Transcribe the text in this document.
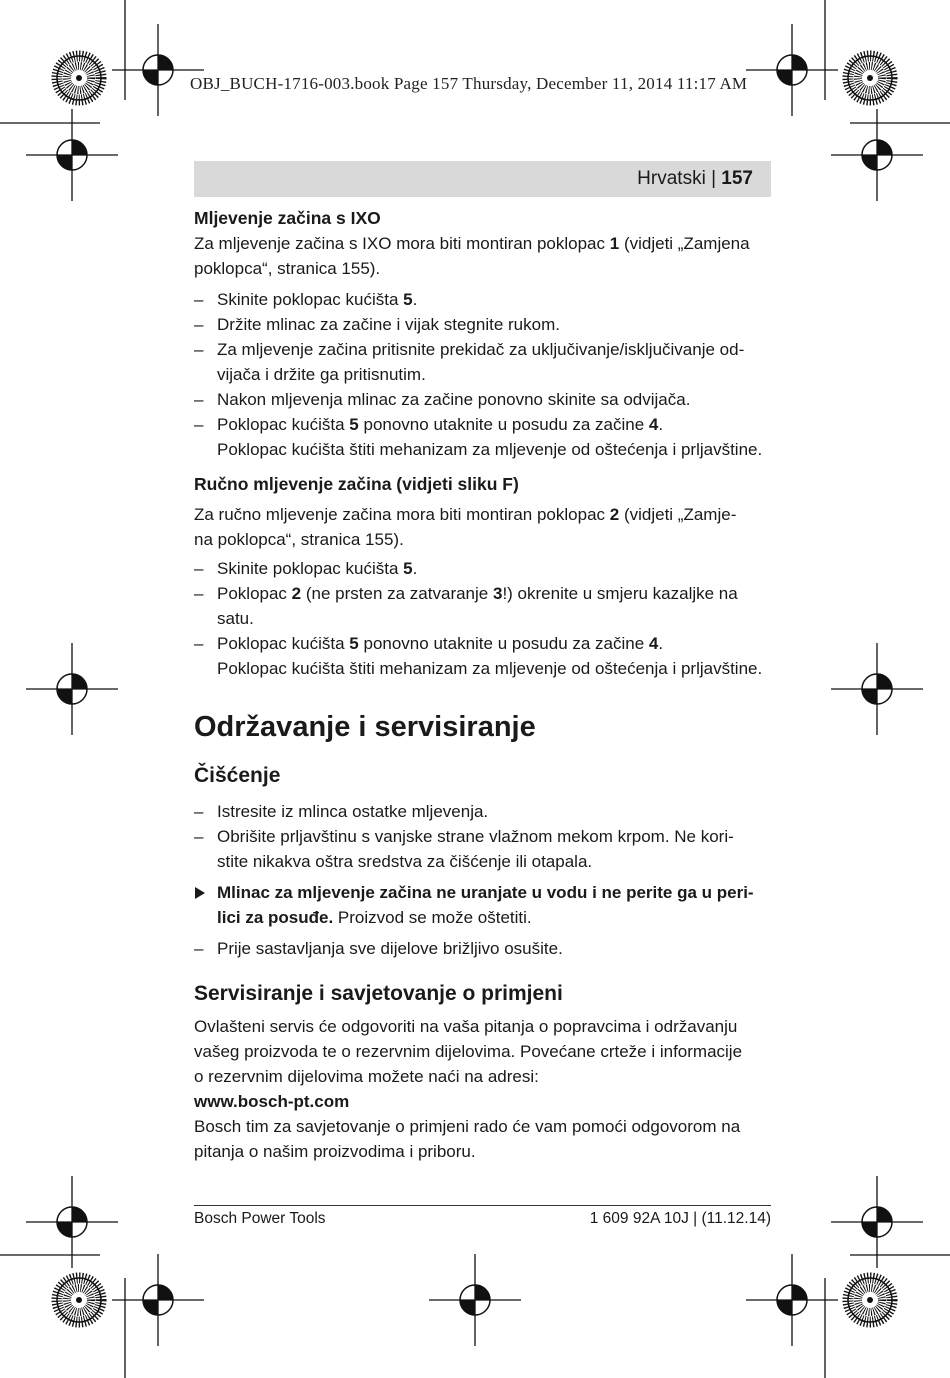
OBJ_BUCH-1716-003.book Page 157 Thursday, December 11, 2014 11:17 AM
Hrvatski | 157

Mljevenje začina s IXO

Za mljevenje začina s IXO mora biti montiran poklopac 1 (vidjeti „Zamjena

poklopca“, stranica 155).

– Skinite poklopac kućišta 5.

– Držite mlinac za začine i vijak stegnite rukom.

– Za mljevenje začina pritisnite prekidač za uključivanje/isključivanje od-
vijača i držite ga pritisnutim.

– Nakon mljevenja mlinac za začine ponovno skinite sa odvijača.

– Poklopac kućišta 5 ponovno utaknite u posudu za začine 4.
Poklopac kućišta štiti mehanizam za mljevenje od oštećenja i prljavštine.

Ručno mljevenje začina (vidjeti sliku F)

Za ručno mljevenje začina mora biti montiran poklopac 2 (vidjeti „Zamje-

na poklopca“, stranica 155).

– Skinite poklopac kućišta 5.

– Poklopac 2 (ne prsten za zatvaranje 3!) okrenite u smjeru kazaljke na
satu.

– Poklopac kućišta 5 ponovno utaknite u posudu za začine 4.
Poklopac kućišta štiti mehanizam za mljevenje od oštećenja i prljavštine.

Održavanje i servisiranje

Čišćenje

– Istresite iz mlinca ostatke mljevenja.

– Obrišite prljavštinu s vanjske strane vlažnom mekom krpom. Ne kori-
stite nikakva oštra sredstva za čišćenje ili otapala.

Mlinac za mljevenje začina ne uranjate u vodu i ne perite ga u peri-
lici za posuđe. Proizvod se može oštetiti.

– Prije sastavljanja sve dijelove brižljivo osušite.

Servisiranje i savjetovanje o primjeni

Ovlašteni servis će odgovoriti na vaša pitanja o popravcima i održavanju

vašeg proizvoda te o rezervnim dijelovima. Povećane crteže i informacije

o rezervnim dijelovima možete naći na adresi:

www.bosch-pt.com

Bosch tim za savjetovanje o primjeni rado će vam pomoći odgovorom na

pitanja o našim proizvodima i priboru.

Bosch Power Tools	1 609 92A 10J | (11.12.14)
